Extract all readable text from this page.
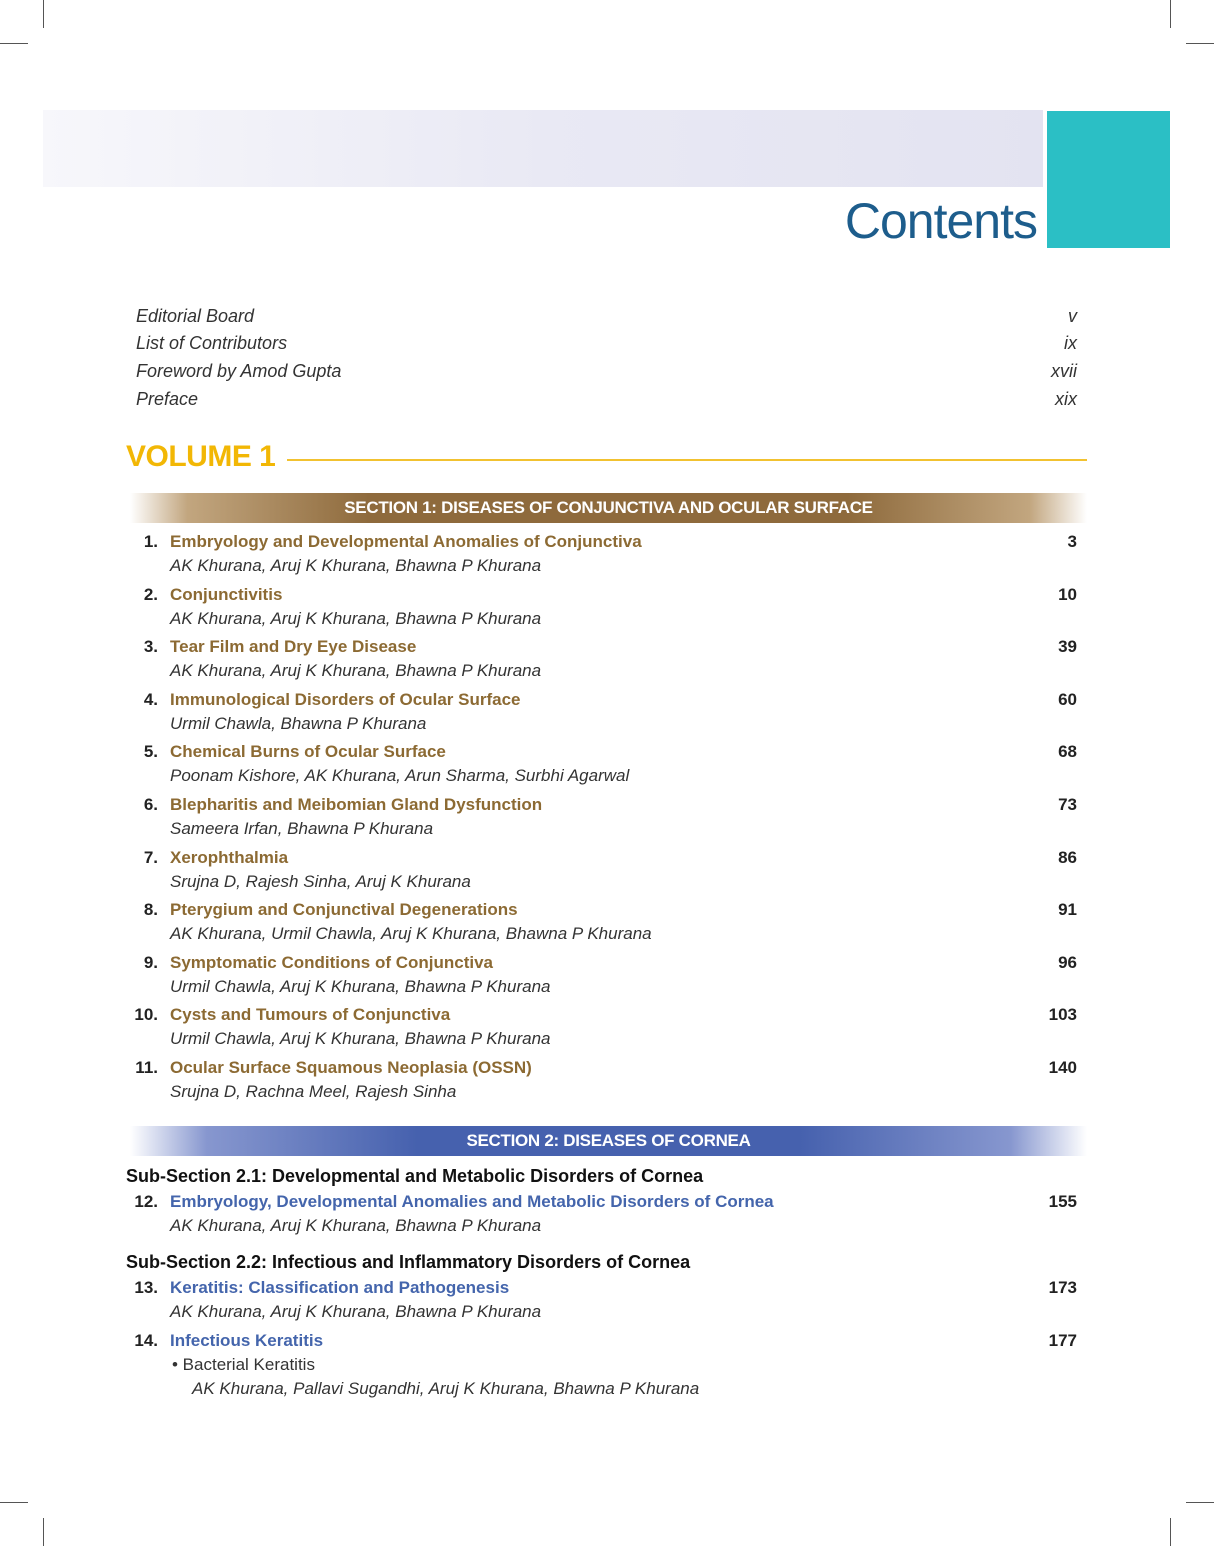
Contents
Editorial Board	v
List of Contributors	ix
Foreword by Amod Gupta	xvii
Preface	xix
VOLUME 1
SECTION 1: DISEASES OF CONJUNCTIVA AND OCULAR SURFACE
1. Embryology and Developmental Anomalies of Conjunctiva	3
AK Khurana, Aruj K Khurana, Bhawna P Khurana
2. Conjunctivitis	10
AK Khurana, Aruj K Khurana, Bhawna P Khurana
3. Tear Film and Dry Eye Disease	39
AK Khurana, Aruj K Khurana, Bhawna P Khurana
4. Immunological Disorders of Ocular Surface	60
Urmil Chawla, Bhawna P Khurana
5. Chemical Burns of Ocular Surface	68
Poonam Kishore, AK Khurana, Arun Sharma, Surbhi Agarwal
6. Blepharitis and Meibomian Gland Dysfunction	73
Sameera Irfan, Bhawna P Khurana
7. Xerophthalmia	86
Srujna D, Rajesh Sinha, Aruj K Khurana
8. Pterygium and Conjunctival Degenerations	91
AK Khurana, Urmil Chawla, Aruj K Khurana, Bhawna P Khurana
9. Symptomatic Conditions of Conjunctiva	96
Urmil Chawla, Aruj K Khurana, Bhawna P Khurana
10. Cysts and Tumours of Conjunctiva	103
Urmil Chawla, Aruj K Khurana, Bhawna P Khurana
11. Ocular Surface Squamous Neoplasia (OSSN)	140
Srujna D, Rachna Meel, Rajesh Sinha
SECTION 2: DISEASES OF CORNEA
Sub-Section 2.1: Developmental and Metabolic Disorders of Cornea
12. Embryology, Developmental Anomalies and Metabolic Disorders of Cornea	155
AK Khurana, Aruj K Khurana, Bhawna P Khurana
Sub-Section 2.2: Infectious and Inflammatory Disorders of Cornea
13. Keratitis: Classification and Pathogenesis	173
AK Khurana, Aruj K Khurana, Bhawna P Khurana
14. Infectious Keratitis	177
• Bacterial Keratitis
AK Khurana, Pallavi Sugandhi, Aruj K Khurana, Bhawna P Khurana
